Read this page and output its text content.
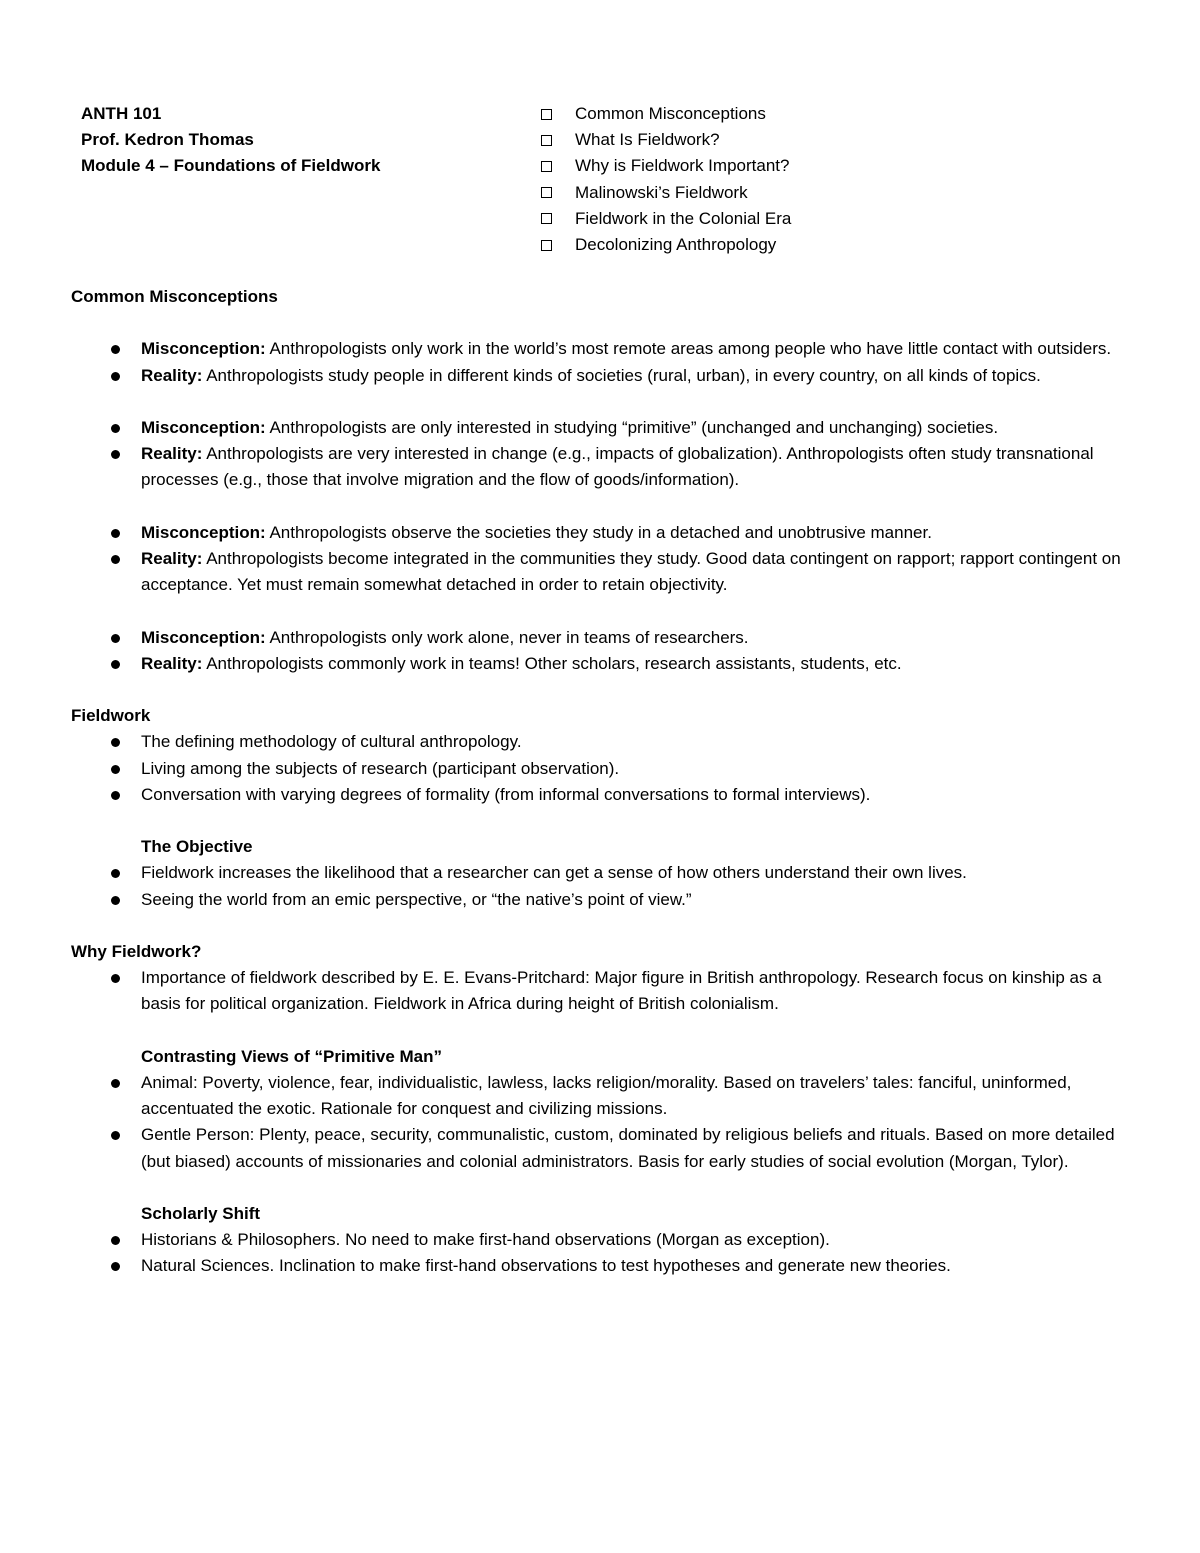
ANTH 101
Prof. Kedron Thomas
Module 4 – Foundations of Fieldwork
Common Misconceptions
What Is Fieldwork?
Why is Fieldwork Important?
Malinowski’s Fieldwork
Fieldwork in the Colonial Era
Decolonizing Anthropology
Common Misconceptions
Misconception: Anthropologists only work in the world’s most remote areas among people who have little contact with outsiders.
Reality: Anthropologists study people in different kinds of societies (rural, urban), in every country, on all kinds of topics.
Misconception: Anthropologists are only interested in studying “primitive” (unchanged and unchanging) societies.
Reality: Anthropologists are very interested in change (e.g., impacts of globalization). Anthropologists often study transnational processes (e.g., those that involve migration and the flow of goods/information).
Misconception: Anthropologists observe the societies they study in a detached and unobtrusive manner.
Reality: Anthropologists become integrated in the communities they study. Good data contingent on rapport; rapport contingent on acceptance. Yet must remain somewhat detached in order to retain objectivity.
Misconception: Anthropologists only work alone, never in teams of researchers.
Reality: Anthropologists commonly work in teams! Other scholars, research assistants, students, etc.
Fieldwork
The defining methodology of cultural anthropology.
Living among the subjects of research (participant observation).
Conversation with varying degrees of formality (from informal conversations to formal interviews).
The Objective
Fieldwork increases the likelihood that a researcher can get a sense of how others understand their own lives.
Seeing the world from an emic perspective, or “the native’s point of view.”
Why Fieldwork?
Importance of fieldwork described by E. E. Evans-Pritchard: Major figure in British anthropology. Research focus on kinship as a basis for political organization. Fieldwork in Africa during height of British colonialism.
Contrasting Views of “Primitive Man”
Animal: Poverty, violence, fear, individualistic, lawless, lacks religion/morality. Based on travelers’ tales: fanciful, uninformed, accentuated the exotic. Rationale for conquest and civilizing missions.
Gentle Person: Plenty, peace, security, communalistic, custom, dominated by religious beliefs and rituals. Based on more detailed (but biased) accounts of missionaries and colonial administrators. Basis for early studies of social evolution (Morgan, Tylor).
Scholarly Shift
Historians & Philosophers. No need to make first-hand observations (Morgan as exception).
Natural Sciences. Inclination to make first-hand observations to test hypotheses and generate new theories.
